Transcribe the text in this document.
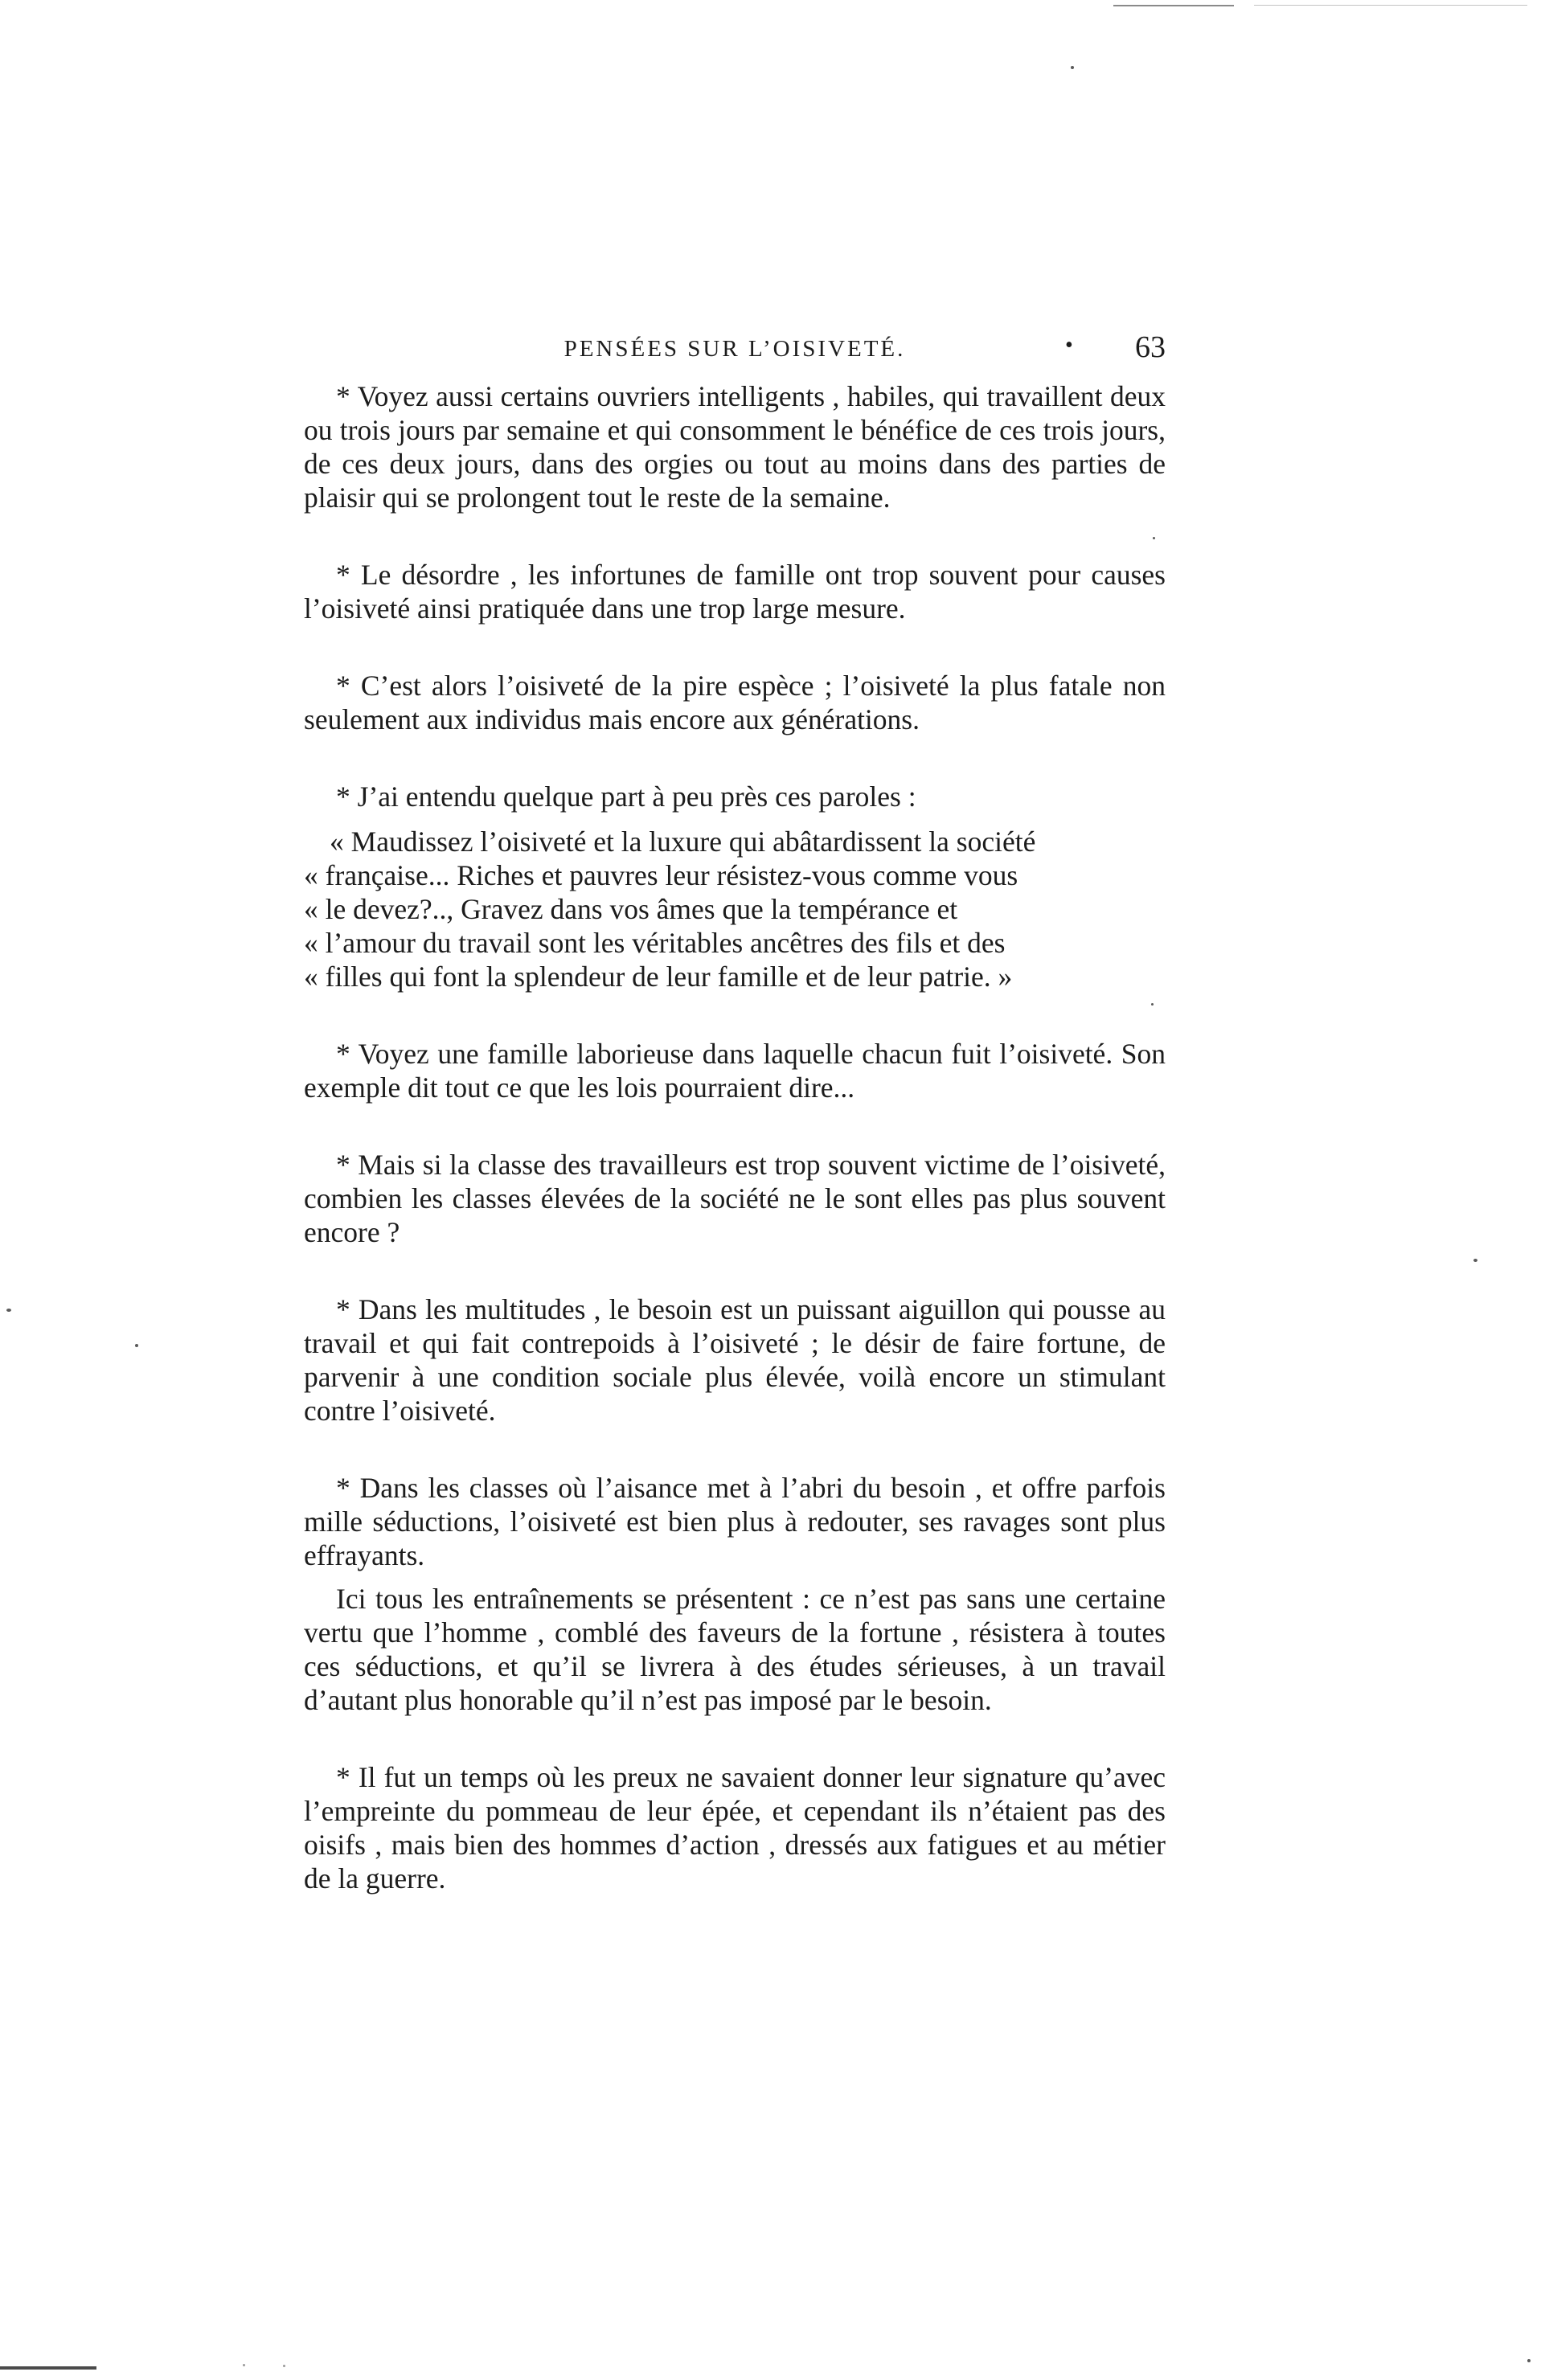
PENSÉES SUR L’OISIVETÉ.	• 63

* Voyez aussi certains ouvriers intelligents , habiles, qui travaillent deux ou trois jours par semaine et qui consomment le bénéfice de ces trois jours, de ces deux jours, dans des orgies ou tout au moins dans des parties de plaisir qui se prolongent tout le reste de la semaine.

* Le désordre , les infortunes de famille ont trop souvent pour causes l’oisiveté ainsi pratiquée dans une trop large mesure.

* C’est alors l’oisiveté de la pire espèce ; l’oisiveté la plus fatale non seulement aux individus mais encore aux générations.

* J’ai entendu quelque part à peu près ces paroles :

« Maudissez l’oisiveté et la luxure qui abâtardissent la société

« française... Riches et pauvres leur résistez-vous comme vous

« le devez?.., Gravez dans vos âmes que la tempérance et

« l’amour du travail sont les véritables ancêtres des fils et des

« filles qui font la splendeur de leur famille et de leur patrie. »

* Voyez une famille laborieuse dans laquelle chacun fuit l’oisiveté. Son exemple dit tout ce que les lois pourraient dire...

* Mais si la classe des travailleurs est trop souvent victime de l’oisiveté, combien les classes élevées de la société ne le sont elles pas plus souvent encore ?

* Dans les multitudes , le besoin est un puissant aiguillon qui pousse au travail et qui fait contrepoids à l’oisiveté ; le désir de faire fortune, de parvenir à une condition sociale plus élevée, voilà encore un stimulant contre l’oisiveté.

* Dans les classes où l’aisance met à l’abri du besoin , et offre parfois mille séductions, l’oisiveté est bien plus à redouter, ses ravages sont plus effrayants.

Ici tous les entraînements se présentent : ce n’est pas sans une certaine vertu que l’homme , comblé des faveurs de la fortune , résistera à toutes ces séductions, et qu’il se livrera à des études sérieuses, à un travail d’autant plus honorable qu’il n’est pas imposé par le besoin.

* Il fut un temps où les preux ne savaient donner leur signature qu’avec l’empreinte du pommeau de leur épée, et cependant ils n’étaient pas des oisifs , mais bien des hommes d’action , dressés aux fatigues et au métier de la guerre.
